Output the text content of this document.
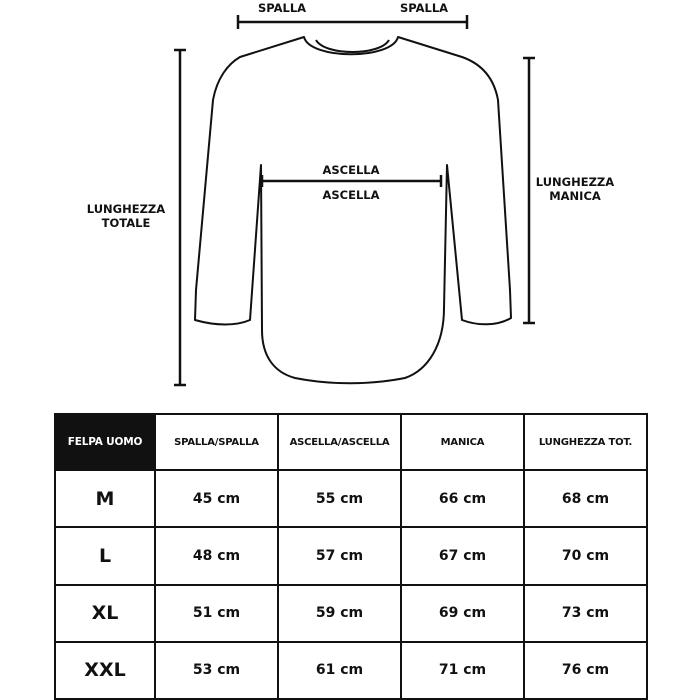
SPALLA	SPALLA
ASCELLA
ASCELLA
LUNGHEZZA
TOTALE
LUNGHEZZA
MANICA
FELPA UOMO	SPALLA/SPALLA	ASCELLA/ASCELLA	MANICA	LUNGHEZZA TOT.
M	45 cm	55 cm	66 cm	68 cm
L	48 cm	57 cm	67 cm	70 cm
XL	51 cm	59 cm	69 cm	73 cm
XXL	53 cm	61 cm	71 cm	76 cm
